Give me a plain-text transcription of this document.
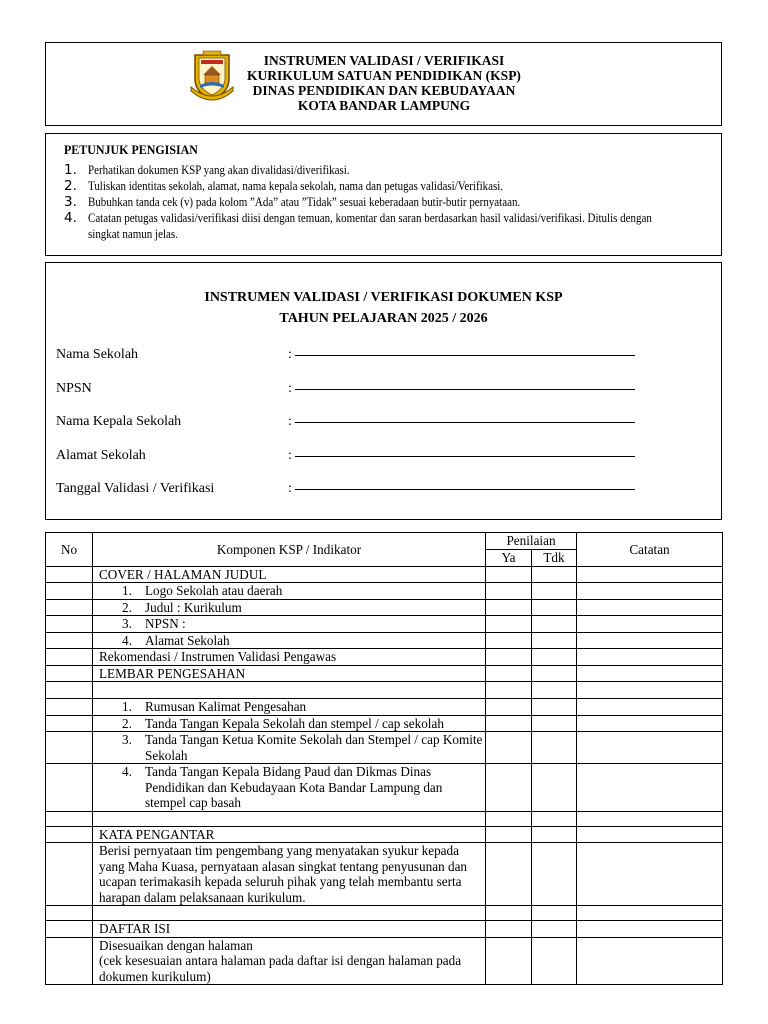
INSTRUMEN VALIDASI / VERIFIKASI
KURIKULUM SATUAN PENDIDIKAN (KSP)
DINAS PENDIDIKAN DAN KEBUDAYAAN
KOTA BANDAR LAMPUNG
PETUNJUK PENGISIAN
1. Perhatikan dokumen KSP yang akan divalidasi/diverifikasi.
2. Tuliskan identitas sekolah, alamat, nama kepala sekolah, nama dan petugas validasi/Verifikasi.
3. Bubuhkan tanda cek (v) pada kolom ”Ada” atau ”Tidak” sesuai keberadaan butir-butir pernyataan.
4. Catatan petugas validasi/verifikasi diisi dengan temuan, komentar dan saran berdasarkan hasil validasi/verifikasi. Ditulis dengan singkat namun jelas.
INSTRUMEN VALIDASI / VERIFIKASI DOKUMEN KSP
TAHUN PELAJARAN 2025 / 2026
Nama Sekolah	:
NPSN	:
Nama Kepala Sekolah	:
Alamat Sekolah	:
Tanggal Validasi / Verifikasi	:
No	Komponen KSP / Indikator	Penilaian		Catatan
		Ya	Tdk	
	COVER / HALAMAN JUDUL			

	1. Logo Sekolah atau daerah			

	2. Judul : Kurikulum			

	3. NPSN :			

	4. Alamat Sekolah			
	Rekomendasi / Instrumen Validasi Pengawas			
	LEMBAR PENGESAHAN			

	1. Rumusan Kalimat Pengesahan			

	2. Tanda Tangan Kepala Sekolah dan stempel / cap sekolah			

	3. Tanda Tangan Ketua Komite Sekolah dan Stempel / cap Komite Sekolah			

	4. Tanda Tangan Kepala Bidang Paud dan Dikmas Dinas Pendidikan dan Kebudayaan Kota Bandar Lampung dan stempel cap basah			

	KATA PENGANTAR			
	Berisi pernyataan tim pengembang yang menyatakan syukur kepada yang Maha Kuasa, pernyataan alasan singkat tentang penyusunan dan ucapan terimakasih kepada seluruh pihak yang telah membantu serta harapan dalam pelaksanaan kurikulum.			

	DAFTAR ISI			

	Disesuaikan dengan halaman
(cek kesesuaian antara halaman pada daftar isi dengan halaman pada dokumen kurikulum)			
